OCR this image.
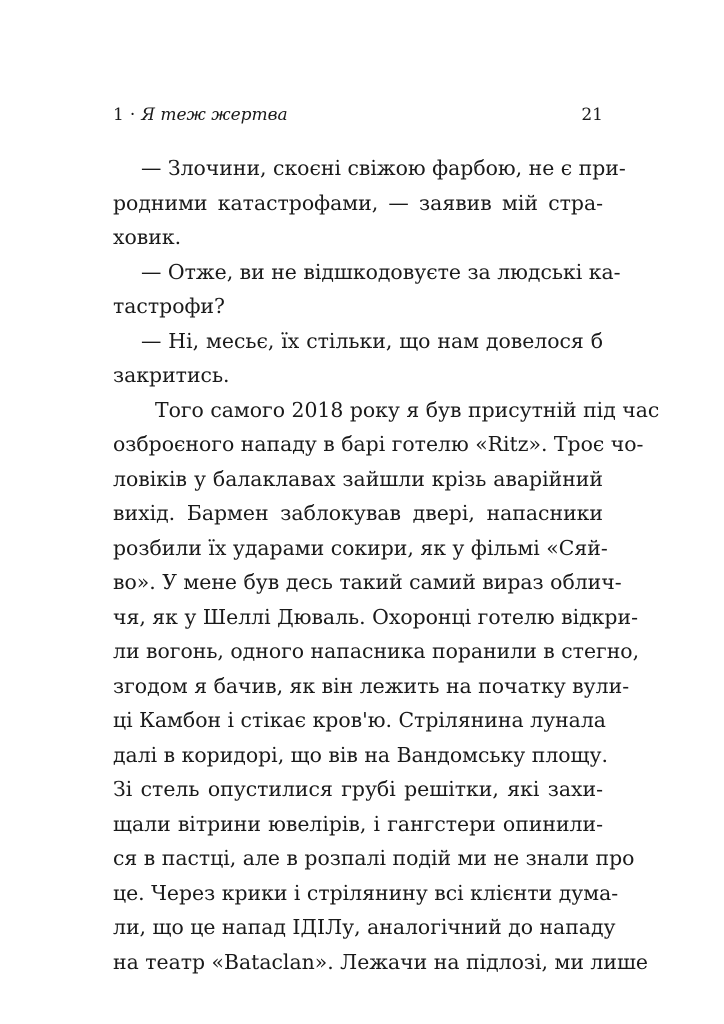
1 · Я теж жертва	21
— Злочини, скоєні свіжою фарбою, не є при-
родними катастрофами, — заявив мій стра-
ховик.
— Отже, ви не відшкодовуєте за людські ка-
тастрофи?
— Ні, месьє, їх стільки, що нам довелося б
закритись.
Того самого 2018 року я був присутній під час
озброєного нападу в барі готелю «Ritz». Троє чо-
ловіків у балаклавах зайшли крізь аварійний
вихід. Бармен заблокував двері, напасники
розбили їх ударами сокири, як у фільмі «Сяй-
во». У мене був десь такий самий вираз облич-
чя, як у Шеллі Дюваль. Охоронці готелю відкри-
ли вогонь, одного напасника поранили в стегно,
згодом я бачив, як він лежить на початку вули-
ці Камбон і стікає кров'ю. Стрілянина лунала
далі в коридорі, що вів на Вандомську площу.
Зі стель опустилися грубі решітки, які захи-
щали вітрини ювелірів, і гангстери опинили-
ся в пастці, але в розпалі подій ми не знали про
це. Через крики і стрілянину всі клієнти дума-
ли, що це напад ІДІЛу, аналогічний до нападу
на театр «Bataclan». Лежачи на підлозі, ми лише
